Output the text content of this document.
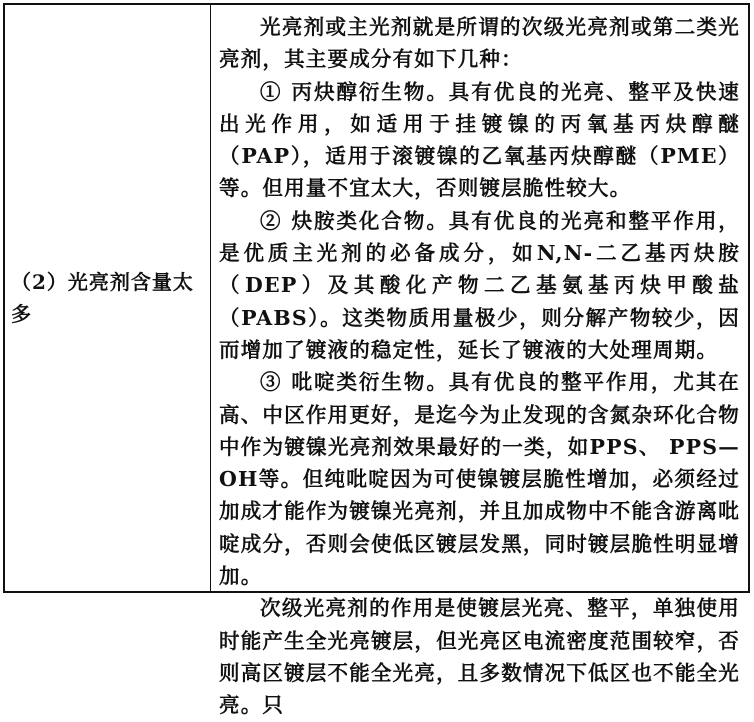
（2）光亮剂含量太多

光亮剂或主光剂就是所谓的次级光亮剂或第二类光亮剂，其主要成分有如下几种：

① 丙炔醇衍生物。具有优良的光亮、整平及快速出光作用，如适用于挂镀镍的丙氧基丙炔醇醚（PAP），适用于滚镀镍的乙氧基丙炔醇醚（PME）等。但用量不宜太大，否则镀层脆性较大。

② 炔胺类化合物。具有优良的光亮和整平作用，是优质主光剂的必备成分，如N,N-二乙基丙炔胺（DEP）及其酸化产物二乙基氨基丙炔甲酸盐（PABS）。这类物质用量极少，则分解产物较少，因而增加了镀液的稳定性，延长了镀液的大处理周期。

③ 吡啶类衍生物。具有优良的整平作用，尤其在高、中区作用更好，是迄今为止发现的含氮杂环化合物中作为镀镍光亮剂效果最好的一类，如PPS、 PPS—OH等。但纯吡啶因为可使镍镀层脆性增加，必须经过加成才能作为镀镍光亮剂，并且加成物中不能含游离吡啶成分，否则会使低区镀层发黑，同时镀层脆性明显增加。

次级光亮剂的作用是使镀层光亮、整平，单独使用时能产生全光亮镀层，但光亮区电流密度范围较窄，否则高区镀层不能全光亮，且多数情况下低区也不能全光亮。只
